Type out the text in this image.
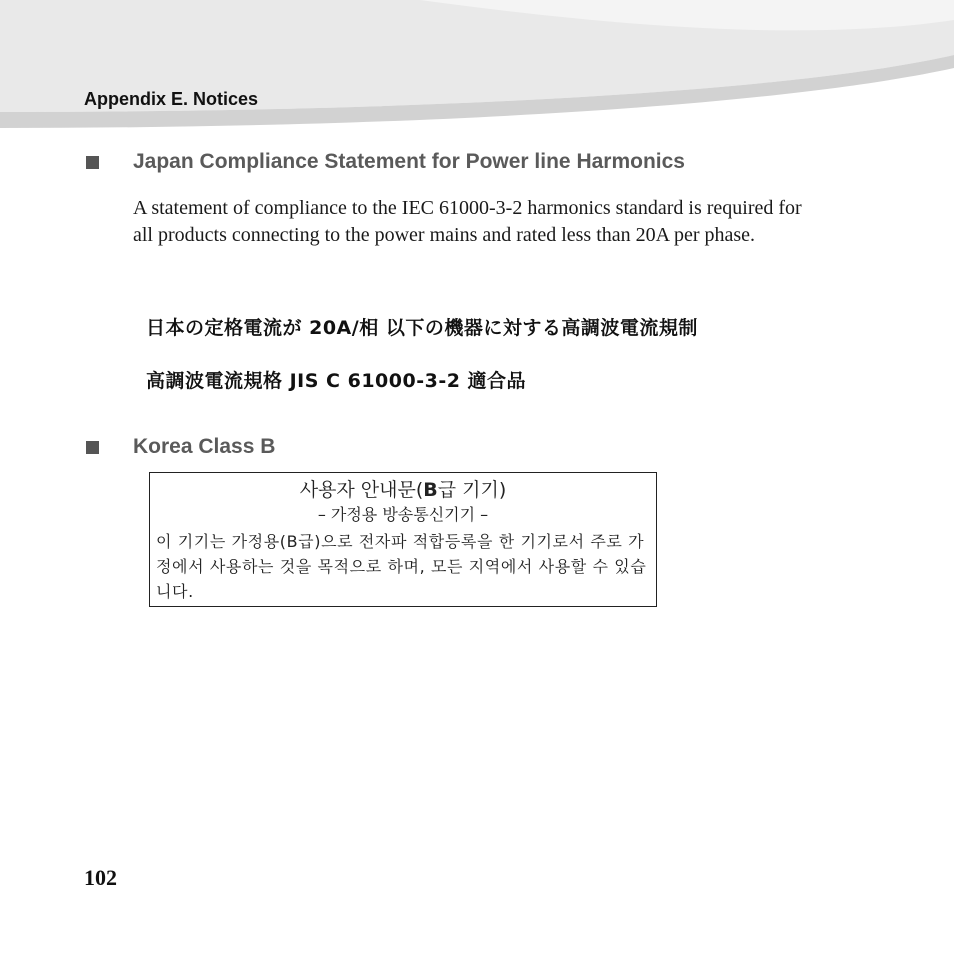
Appendix E. Notices

Japan Compliance Statement for Power line Harmonics

A statement of compliance to the IEC 61000-3-2 harmonics standard is required for all products connecting to the power mains and rated less than 20A per phase.

日本の定格電流が 20A/相 以下の機器に対する高調波電流規制

高調波電流規格 JIS C 61000-3-2 適合品

Korea Class B

사용자 안내문(B급 기기)

– 가정용 방송통신기기 –

이 기기는 가정용(B급)으로 전자파 적합등록을 한 기기로서 주로 가정에서 사용하는 것을 목적으로 하며, 모든 지역에서 사용할 수 있습니다.

102
